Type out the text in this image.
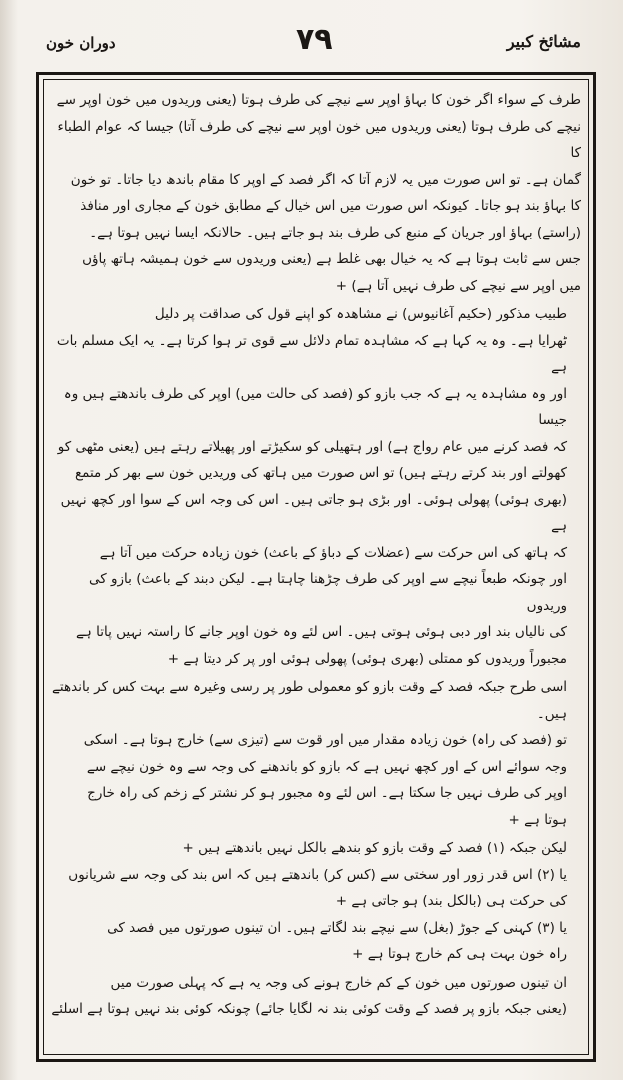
مشائخ کبیر
۷۹
دوران خون

طرف کے سواء اگر خون کا بہاؤ اوپر سے نیچے کی طرف ہوتا (یعنی وریدوں میں خون اوپر سے
نیچے کی طرف ہوتا (یعنی وریدوں میں خون اوپر سے نیچے کی طرف آتا) جیسا کہ عوام الطباء کا
گمان ہے۔ تو اس صورت میں یہ لازم آتا کہ اگر فصد کے اوپر کا مقام باندھ دیا جاتا۔ تو خون
کا بہاؤ بند ہو جاتا۔ کیونکہ اس صورت میں اس خیال کے مطابق خون کے مجاری اور منافذ
(راستے) بہاؤ اور جریان کے منبع کی طرف بند ہو جاتے ہیں۔ حالانکہ ایسا نہیں ہوتا ہے۔
جس سے ثابت ہوتا ہے کہ یہ خیال بھی غلط ہے (یعنی وریدوں سے خون ہمیشہ ہاتھ پاؤں
میں اوپر سے نیچے کی طرف نہیں آتا ہے) +

طبیب مذکور (حکیم آغانیوس) نے مشاھدہ کو اپنے قول کی صداقت پر دلیل
ٹھرایا ہے۔ وہ یہ کہا ہے کہ مشاہدہ تمام دلائل سے قوی تر ہوا کرتا ہے۔ یہ ایک مسلم بات ہے
اور وہ مشاہدہ یہ ہے کہ جب بازو کو (فصد کی حالت میں) اوپر کی طرف باندھتے ہیں وہ جیسا
کہ فصد کرنے میں عام رواج ہے) اور ہتھیلی کو سکیڑتے اور پھیلاتے رہتے ہیں (یعنی مٹھی کو
کھولتے اور بند کرتے رہتے ہیں) تو اس صورت میں ہاتھ کی وریدیں خون سے بھر کر متمع
(بھری ہوئی) پھولی ہوئی۔ اور بڑی ہو جاتی ہیں۔ اس کی وجہ اس کے سوا اور کچھ نہیں ہے
کہ ہاتھ کی اس حرکت سے (عضلات کے دباؤ کے باعث) خون زیادہ حرکت میں آتا ہے
اور چونکہ طبعاً نیچے سے اوپر کی طرف چڑھنا چاہتا ہے۔ لیکن دبند کے باعث) بازو کی وریدوں
کی نالیاں بند اور دبی ہوئی ہوتی ہیں۔ اس لئے وہ خون اوپر جانے کا راستہ نہیں پاتا ہے
مجبوراً وریدوں کو ممتلی (بھری ہوئی) پھولی ہوئی اور پر کر دیتا ہے +

اسی طرح جبکہ فصد کے وقت بازو کو معمولی طور پر رسی وغیرہ سے بہت کس کر باندھتے ہیں۔
تو (فصد کی راہ) خون زیادہ مقدار میں اور قوت سے (تیزی سے) خارج ہوتا ہے۔ اسکی
وجہ سوائے اس کے اور کچھ نہیں ہے کہ بازو کو باندھنے کی وجہ سے وہ خون نیچے سے
اوپر کی طرف نہیں جا سکتا ہے۔ اس لئے وہ مجبور ہو کر نشتر کے زخم کی راہ خارج
ہوتا ہے +

لیکن جبکہ (۱) فصد کے وقت بازو کو بندھے بالکل نہیں باندھتے ہیں +
یا (۲) اس قدر زور اور سختی سے (کس کر) باندھتے ہیں کہ اس بند کی وجہ سے شریانوں
کی حرکت ہی (بالکل بند) ہو جاتی ہے +
یا (۳) کہنی کے جوڑ (بغل) سے نیچے بند لگاتے ہیں۔ ان تینوں صورتوں میں فصد کی
راہ خون بہت ہی کم خارج ہوتا ہے +

ان تینوں صورتوں میں خون کے کم خارج ہونے کی وجہ یہ ہے کہ پہلی صورت میں
(یعنی جبکہ بازو پر فصد کے وقت کوئی بند نہ لگایا جائے) چونکہ کوئی بند نہیں ہوتا ہے اسلئے
